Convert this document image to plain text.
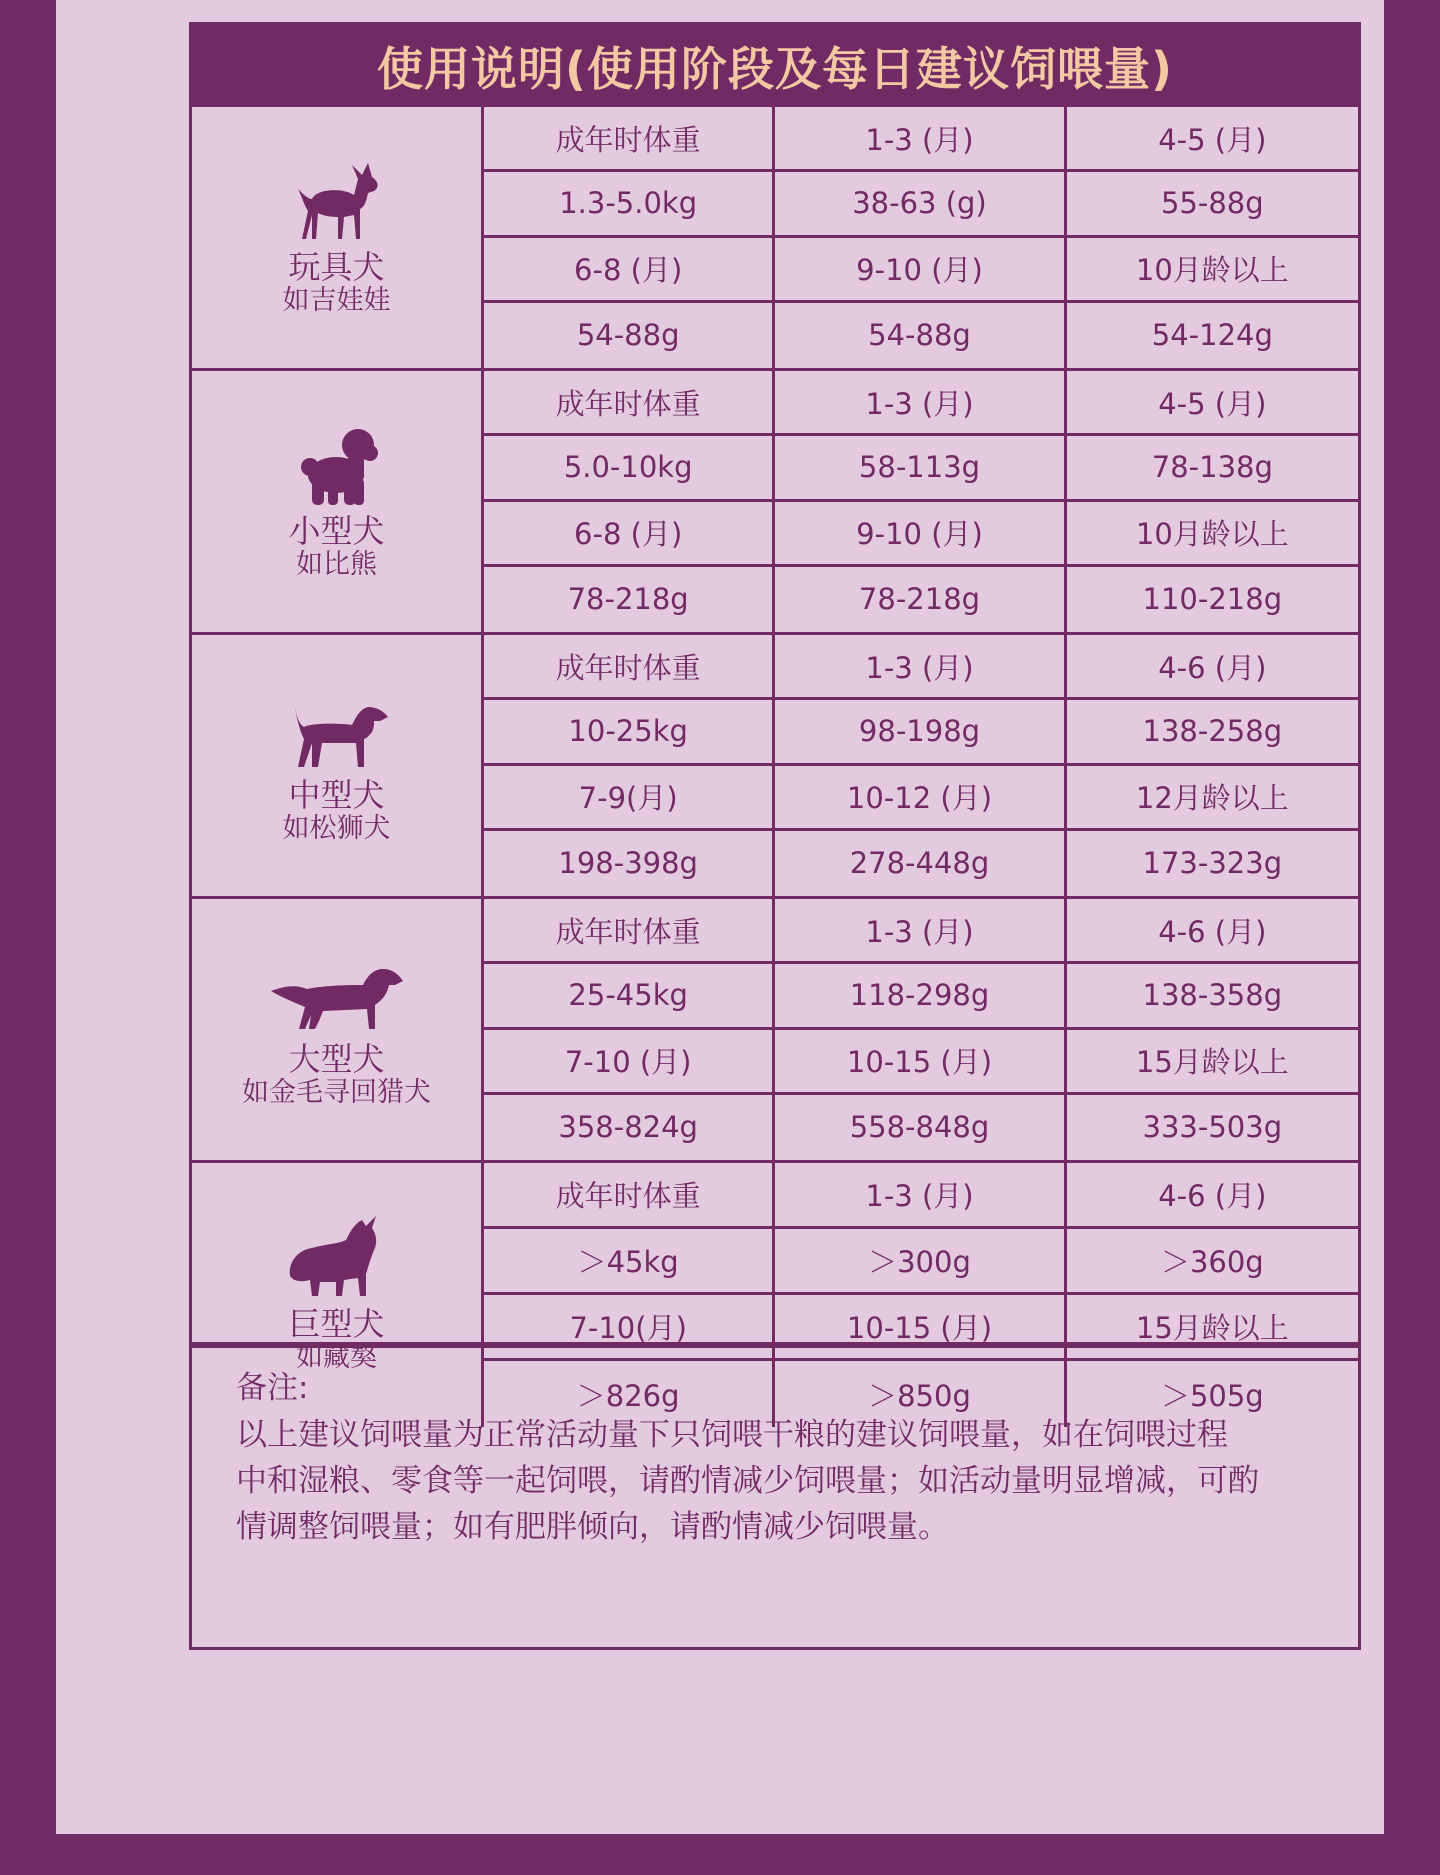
使用说明(使用阶段及每日建议饲喂量)
玩具犬
如吉娃娃
成年时体重	1-3 (月)	4-5 (月)
1.3-5.0kg	38-63 (g)	55-88g
6-8 (月)	9-10 (月)	10月龄以上
54-88g	54-88g	54-124g
小型犬
如比熊
成年时体重	1-3 (月)	4-5 (月)
5.0-10kg	58-113g	78-138g
6-8 (月)	9-10 (月)	10月龄以上
78-218g	78-218g	110-218g
中型犬
如松狮犬
成年时体重	1-3 (月)	4-6 (月)
10-25kg	98-198g	138-258g
7-9(月)	10-12 (月)	12月龄以上
198-398g	278-448g	173-323g
大型犬
如金毛寻回猎犬
成年时体重	1-3 (月)	4-6 (月)
25-45kg	118-298g	138-358g
7-10 (月)	10-15 (月)	15月龄以上
358-824g	558-848g	333-503g
巨型犬
如藏獒
成年时体重	1-3 (月)	4-6 (月)
＞45kg	＞300g	＞360g
7-10(月)	10-15 (月)	15月龄以上
＞826g	＞850g	＞505g
备注:
以上建议饲喂量为正常活动量下只饲喂干粮的建议饲喂量，如在饲喂过程
中和湿粮、零食等一起饲喂，请酌情减少饲喂量；如活动量明显增减，可酌
情调整饲喂量；如有肥胖倾向，请酌情减少饲喂量。
